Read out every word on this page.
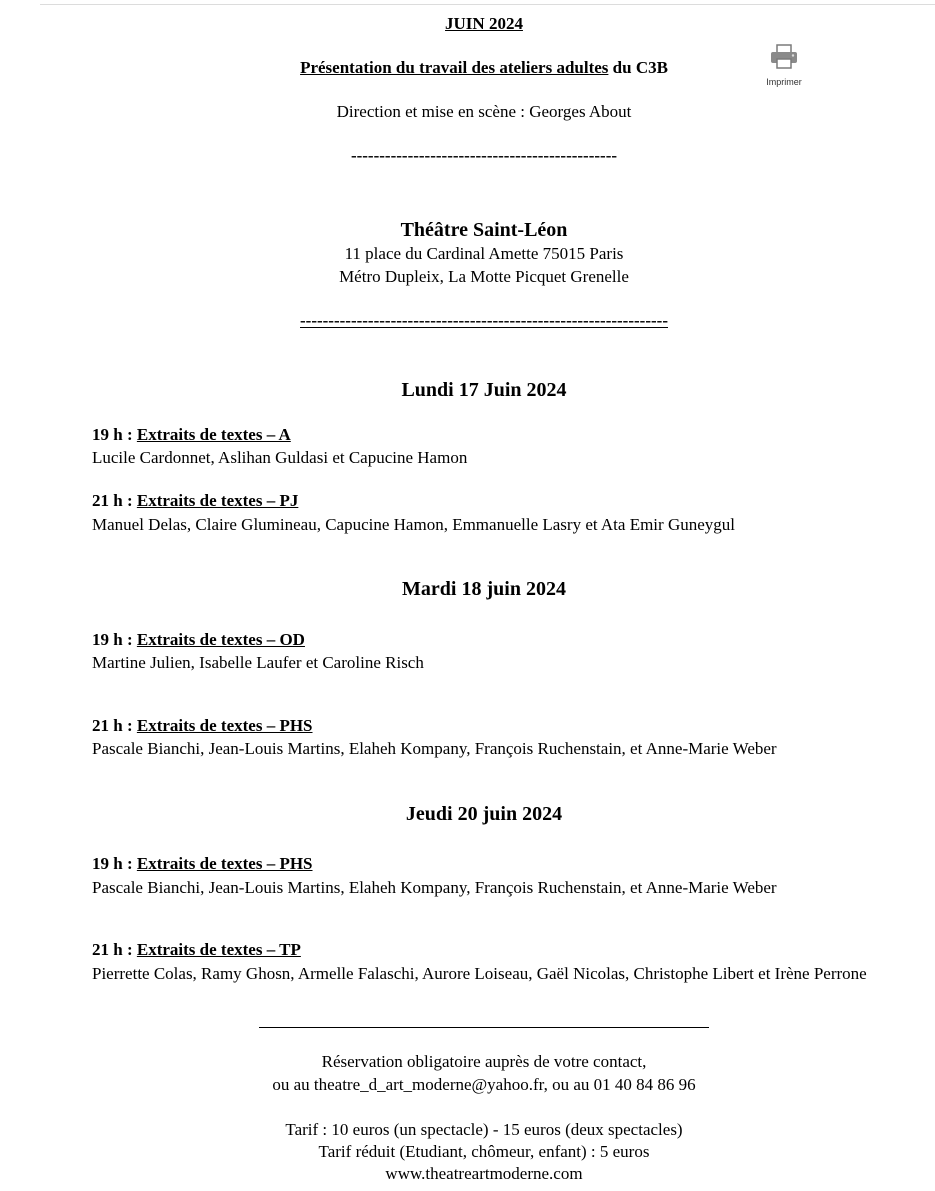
JUIN 2024
Présentation du travail des ateliers adultes du C3B
Imprimer
Direction et mise en scène : Georges About
-----------------------------------------------
Théâtre Saint-Léon
11 place du Cardinal Amette 75015 Paris
Métro Dupleix, La Motte Picquet Grenelle
-----------------------------------------------------------------
Lundi 17 Juin 2024
19 h : Extraits de textes – A
Lucile Cardonnet, Aslihan Guldasi et Capucine Hamon
21 h : Extraits de textes – PJ
Manuel Delas, Claire Glumineau, Capucine Hamon, Emmanuelle Lasry et Ata Emir Guneygul
Mardi 18 juin 2024
19 h : Extraits de textes – OD
Martine Julien, Isabelle Laufer et Caroline Risch
21 h : Extraits de textes – PHS
Pascale Bianchi, Jean-Louis Martins, Elaheh Kompany, François Ruchenstain, et Anne-Marie Weber
Jeudi 20 juin 2024
19 h : Extraits de textes – PHS
Pascale Bianchi, Jean-Louis Martins, Elaheh Kompany, François Ruchenstain, et Anne-Marie Weber
21 h : Extraits de textes – TP
Pierrette Colas, Ramy Ghosn, Armelle Falaschi, Aurore Loiseau, Gaël Nicolas, Christophe Libert et Irène Perrone
Réservation obligatoire auprès de votre contact,
ou au theatre_d_art_moderne@yahoo.fr, ou au 01 40 84 86 96
Tarif : 10 euros (un spectacle) - 15 euros (deux spectacles)
Tarif réduit (Etudiant, chômeur, enfant) : 5 euros
www.theatreartmoderne.com
